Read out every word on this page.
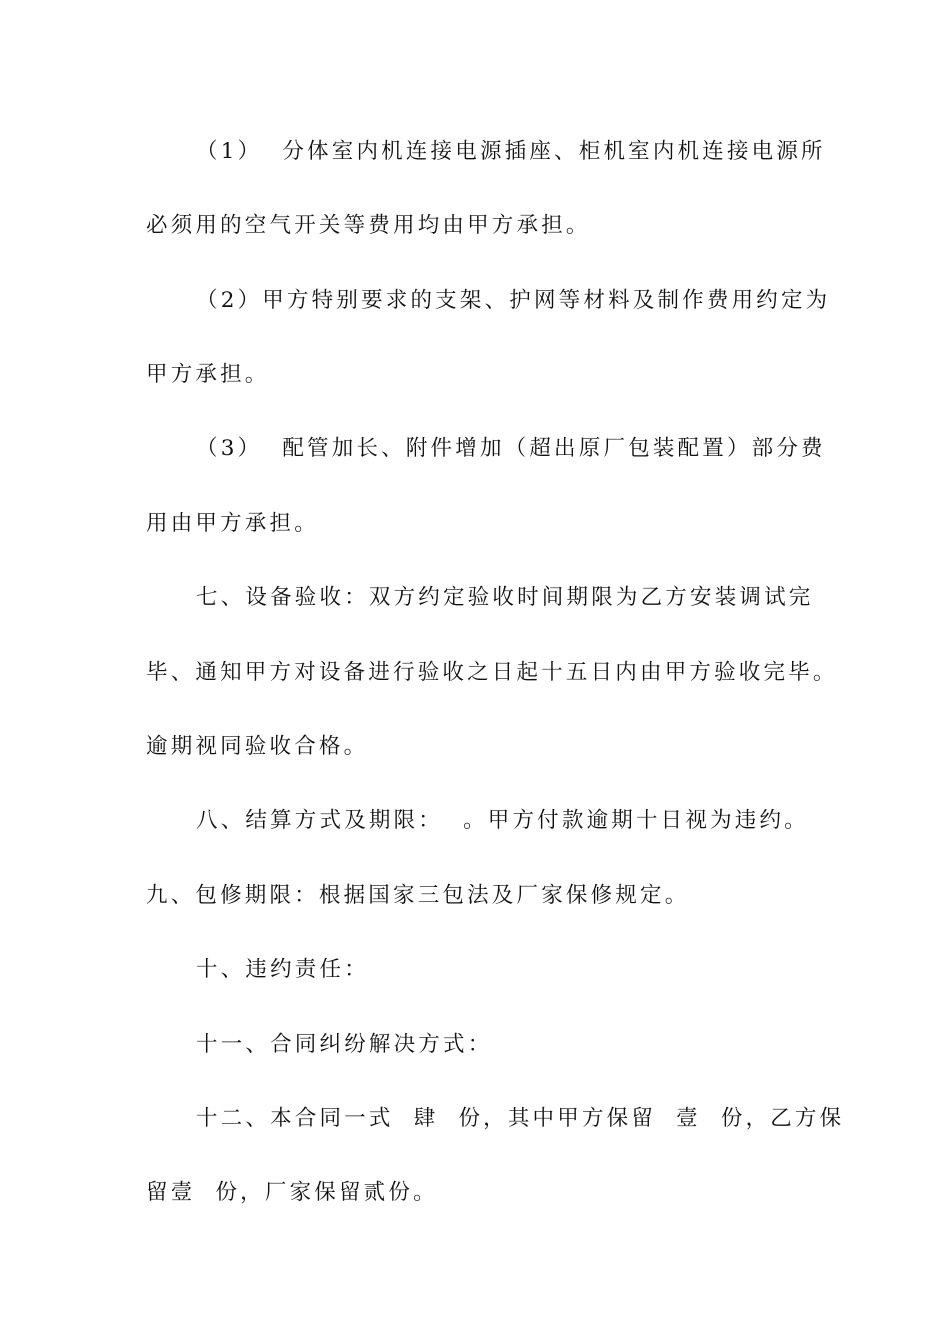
（1）  分体室内机连接电源插座、柜机室内机连接电源所
必须用的空气开关等费用均由甲方承担。
（2）甲方特别要求的支架、护网等材料及制作费用约定为
甲方承担。
（3）  配管加长、附件增加（超出原厂包装配置）部分费
用由甲方承担。
七、设备验收：双方约定验收时间期限为乙方安装调试完
毕、通知甲方对设备进行验收之日起十五日内由甲方验收完毕。
逾期视同验收合格。
八、结算方式及期限：  。甲方付款逾期十日视为违约。
九、包修期限：根据国家三包法及厂家保修规定。
十、违约责任：
十一、合同纠纷解决方式：
十二、本合同一式  肆  份，其中甲方保留  壹  份，乙方保
留壹  份，厂家保留贰份。
